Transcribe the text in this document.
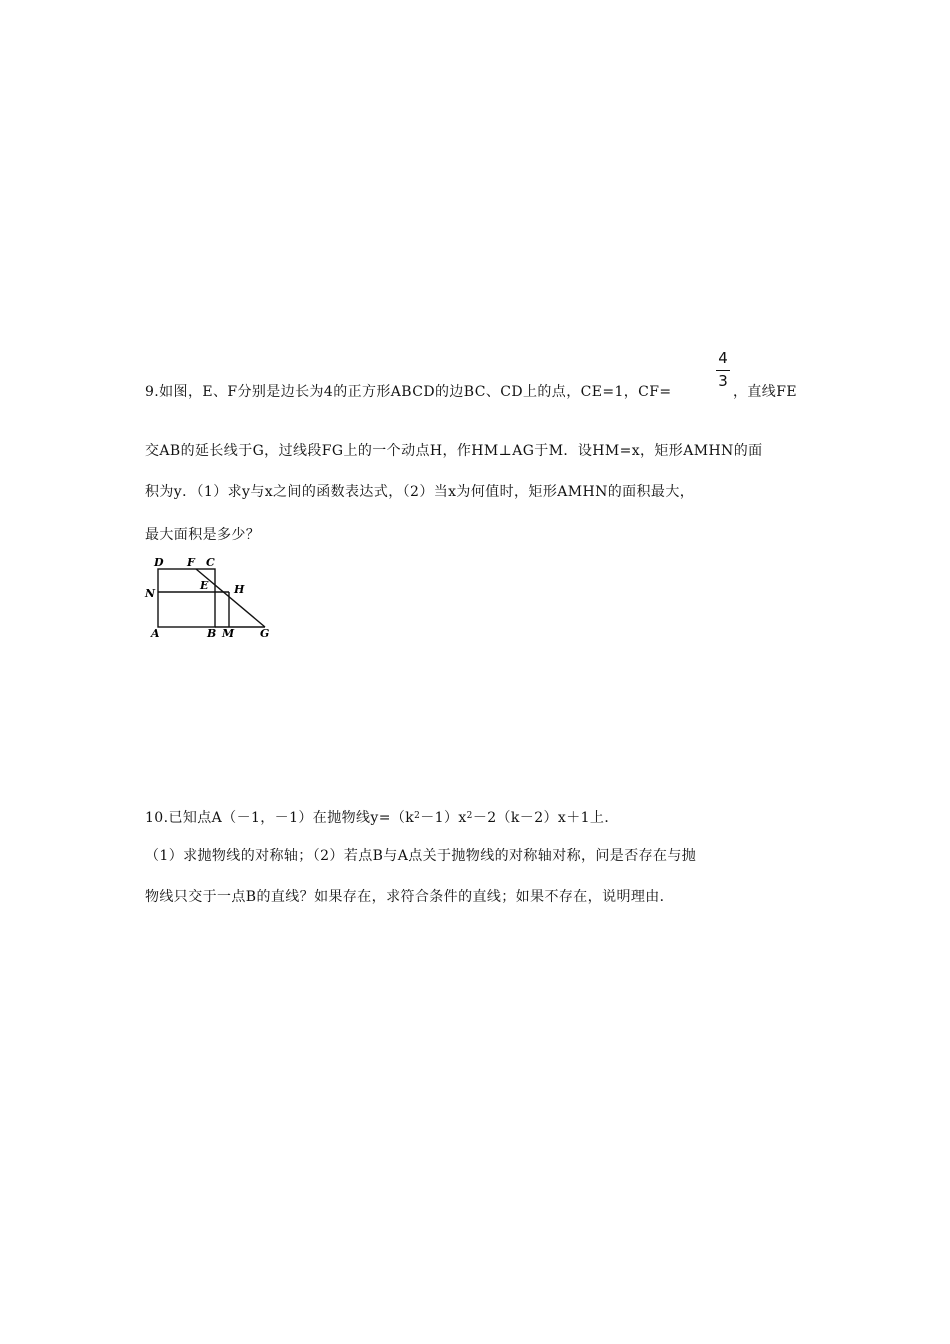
9.如图，E、F分别是边长为4的正方形ABCD的边BC、CD上的点，CE=1，CF=
4
3
，直线FE
交AB的延长线于G，过线段FG上的一个动点H，作HM⊥AG于M．设HM=x，矩形AMHN的面
积为y．（1）求y与x之间的函数表达式，（2）当x为何值时，矩形AMHN的面积最大，
最大面积是多少？
D F C
N
E H
A	B M G
10.已知点A（－1，－1）在抛物线$y=(k^2-1)x^2-2(k-2)x+1$上．
（1）求抛物线的对称轴；（2）若点B与A点关于抛物线的对称轴对称，问是否存在与抛
物线只交于一点B的直线？如果存在，求符合条件的直线；如果不存在，说明理由．
